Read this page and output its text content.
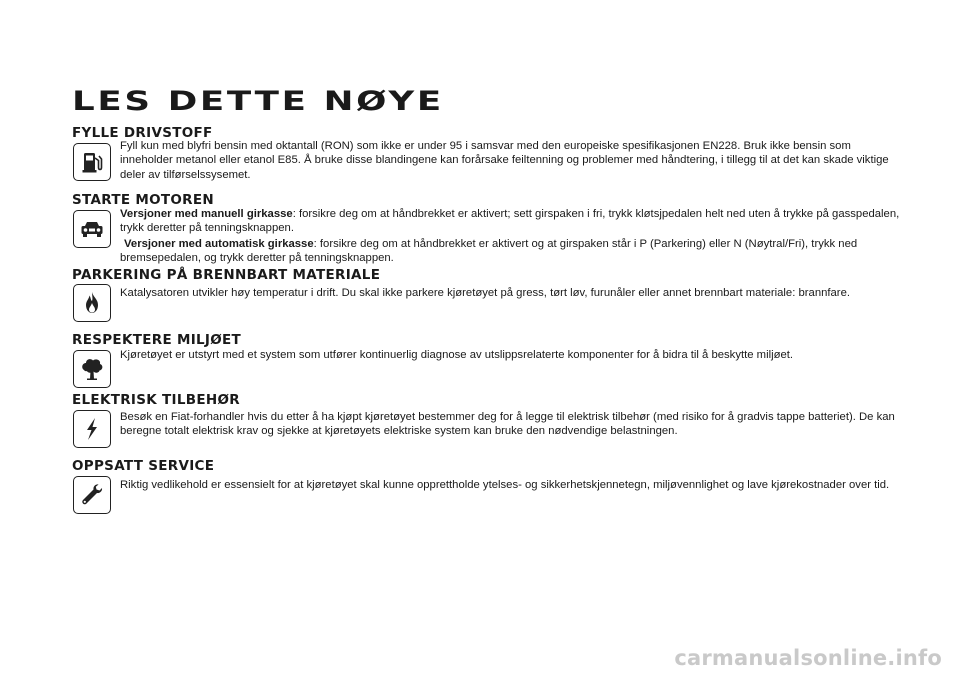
LES DETTE NØYE
FYLLE DRIVSTOFF

Fyll kun med blyfri bensin med oktantall (RON) som ikke er under 95 i samsvar med den europeiske spesifikasjonen EN228. Bruk ikke bensin som inneholder metanol eller etanol E85. Å bruke disse blandingene kan forårsake feiltenning og problemer med håndtering, i tillegg til at det kan skade viktige deler av tilførselssysemet.

STARTE MOTOREN

Versjoner med manuell girkasse: forsikre deg om at håndbrekket er aktivert; sett girspaken i fri, trykk kløtsjpedalen helt ned uten å trykke på gasspedalen, trykk deretter på tenningsknappen.

Versjoner med automatisk girkasse: forsikre deg om at håndbrekket er aktivert og at girspaken står i P (Parkering) eller N (Nøytral/Fri), trykk ned bremsepedalen, og trykk deretter på tenningsknappen.

PARKERING PÅ BRENNBART MATERIALE

Katalysatoren utvikler høy temperatur i drift. Du skal ikke parkere kjøretøyet på gress, tørt løv, furunåler eller annet brennbart materiale: brannfare.

RESPEKTERE MILJØET

Kjøretøyet er utstyrt med et system som utfører kontinuerlig diagnose av utslippsrelaterte komponenter for å bidra til å beskytte miljøet.

ELEKTRISK TILBEHØR

Besøk en Fiat-forhandler hvis du etter å ha kjøpt kjøretøyet bestemmer deg for å legge til elektrisk tilbehør (med risiko for å gradvis tappe batteriet). De kan beregne totalt elektrisk krav og sjekke at kjøretøyets elektriske system kan bruke den nødvendige belastningen.

OPPSATT SERVICE

Riktig vedlikehold er essensielt for at kjøretøyet skal kunne opprettholde ytelses- og sikkerhetskjennetegn, miljøvennlighet og lave kjørekostnader over tid.

carmanualsonline.info
